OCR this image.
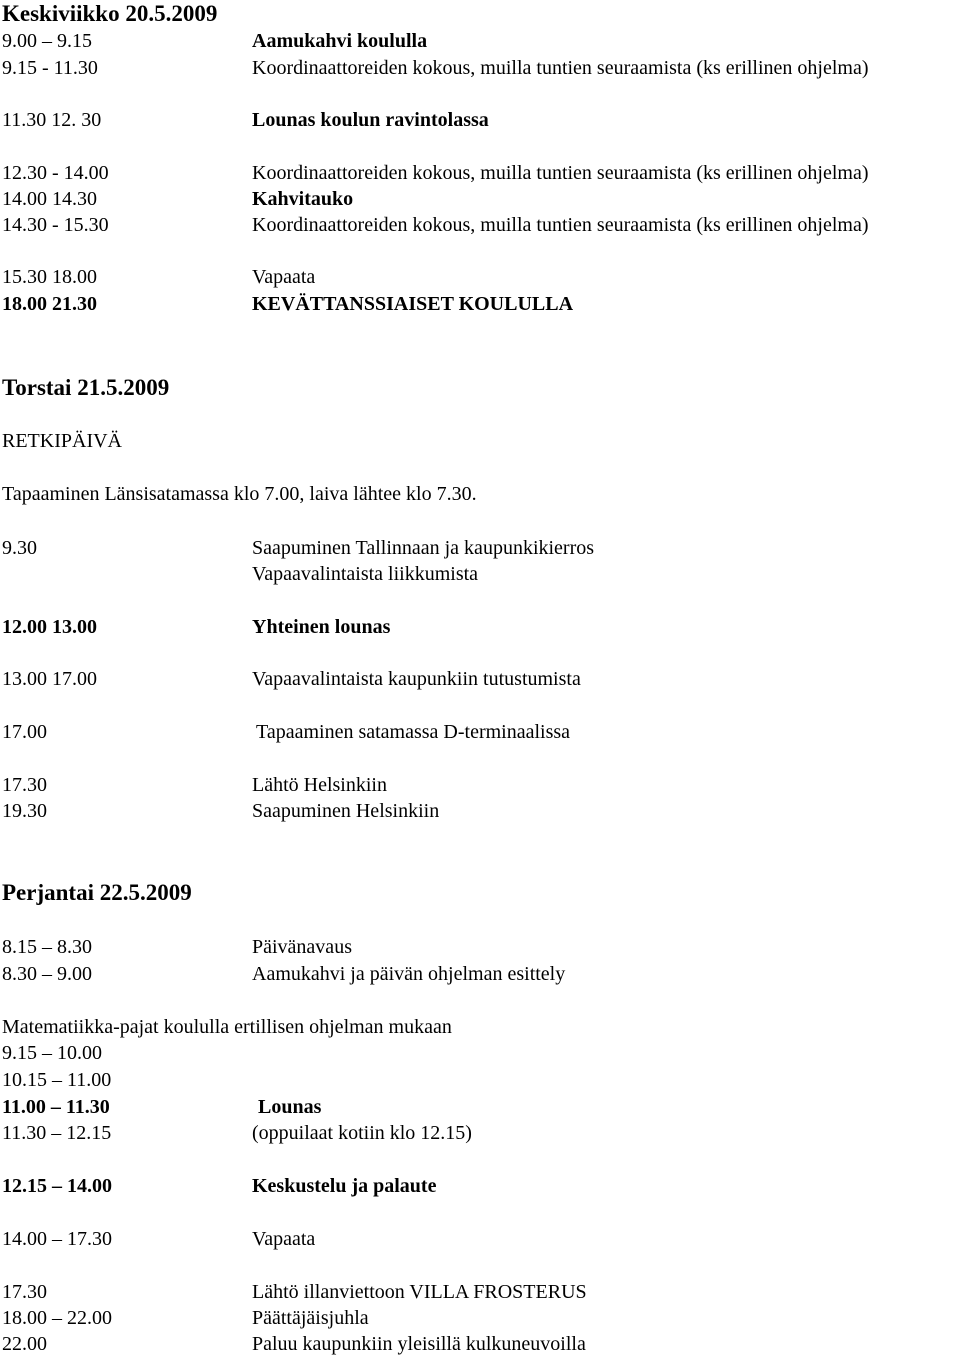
Keskiviikko 20.5.2009
9.00 – 9.15	Aamukahvi koululla
9.15 - 11.30	Koordinaattoreiden kokous, muilla tuntien seuraamista (ks erillinen ohjelma)
11.30 12. 30	Lounas koulun ravintolassa
12.30 - 14.00	Koordinaattoreiden kokous, muilla tuntien seuraamista (ks erillinen ohjelma)
14.00 14.30	Kahvitauko
14.30 - 15.30	Koordinaattoreiden kokous, muilla tuntien seuraamista (ks erillinen ohjelma)
15.30 18.00	Vapaata
18.00 21.30	KEVÄTTANSSIAISET KOULULLA
Torstai 21.5.2009
RETKIPÄIVÄ
Tapaaminen Länsisatamassa klo 7.00, laiva lähtee klo 7.30.
9.30	Saapuminen Tallinnaan ja kaupunkikierros
Vapaavalintaista liikkumista
12.00 13.00	Yhteinen lounas
13.00 17.00	Vapaavalintaista kaupunkiin tutustumista
17.00	Tapaaminen satamassa D-terminaalissa
17.30	Lähtö Helsinkiin
19.30	Saapuminen Helsinkiin
Perjantai 22.5.2009
8.15 – 8.30	Päivänavaus
8.30 – 9.00	Aamukahvi ja päivän ohjelman esittely
Matematiikka-pajat koululla ertillisen ohjelman mukaan
9.15 – 10.00
10.15 – 11.00
11.00 – 11.30	Lounas
11.30 – 12.15	(oppuilaat kotiin klo 12.15)
12.15 – 14.00	Keskustelu ja palaute
14.00 – 17.30	Vapaata
17.30	Lähtö illanviettoon VILLA FROSTERUS
18.00 – 22.00	Päättäjäisjuhla
22.00	Paluu kaupunkiin yleisillä kulkuneuvoilla
